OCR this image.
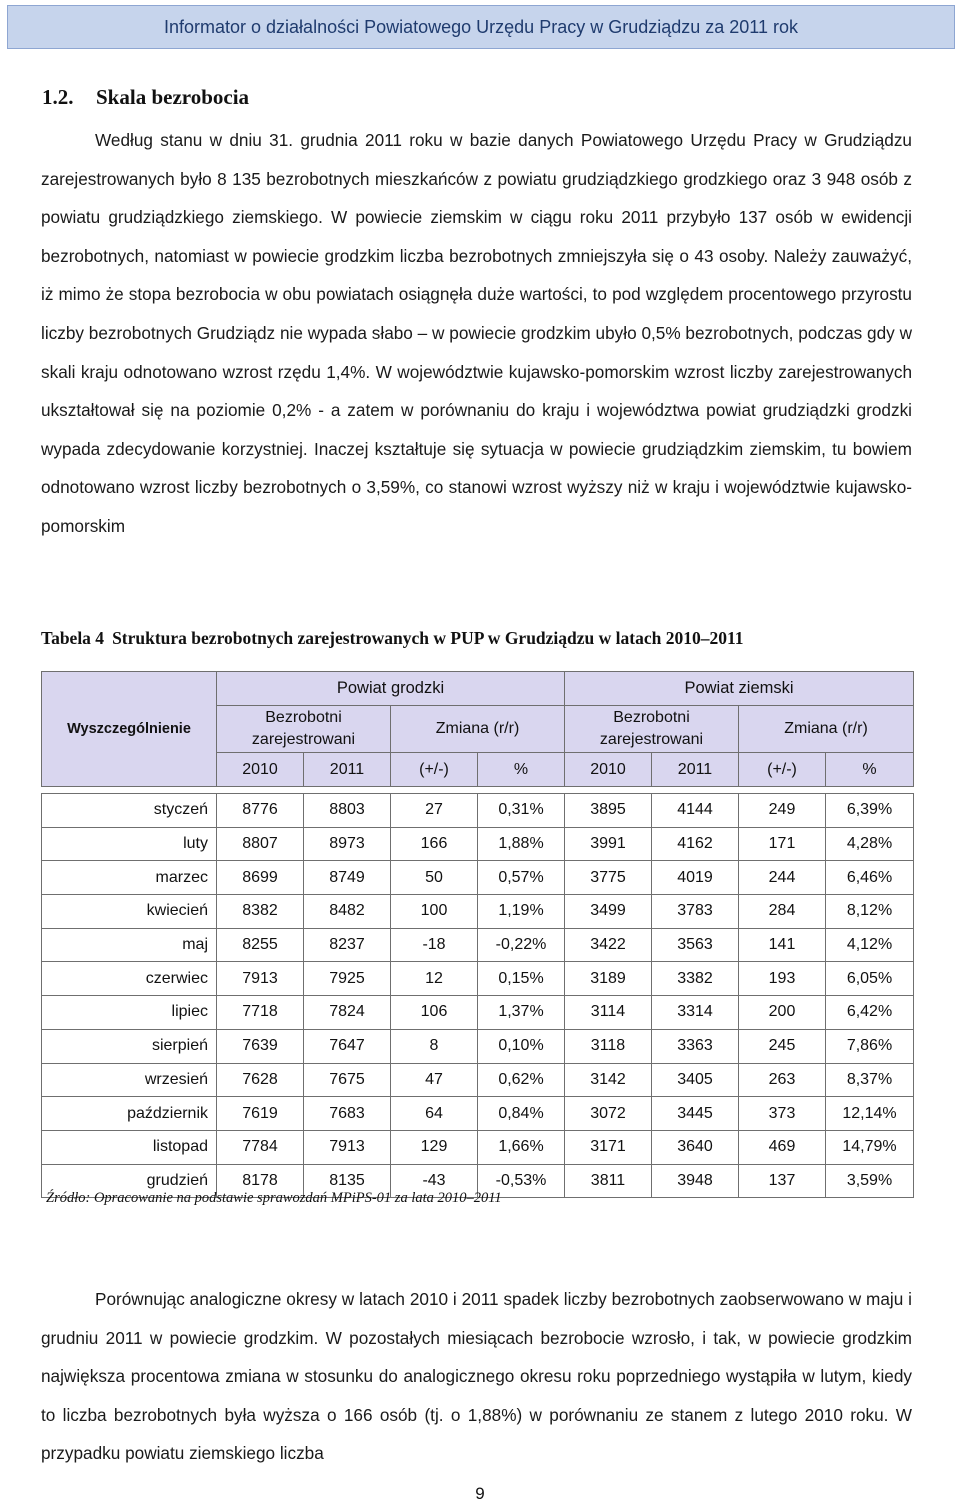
Informator o działalności Powiatowego Urzędu Pracy w Grudziądzu za 2011 rok
1.2. Skala bezrobocia

Według stanu w dniu 31. grudnia 2011 roku w bazie danych Powiatowego Urzędu Pracy w Grudziądzu zarejestrowanych było 8 135 bezrobotnych mieszkańców z powiatu grudziądzkiego grodzkiego oraz 3 948 osób z powiatu grudziądzkiego ziemskiego. W powiecie ziemskim w ciągu roku 2011 przybyło 137 osób w ewidencji bezrobotnych, natomiast w powiecie grodzkim liczba bezrobotnych zmniejszyła się o 43 osoby. Należy zauważyć, iż mimo że stopa bezrobocia w obu powiatach osiągnęła duże wartości, to pod względem procentowego przyrostu liczby bezrobotnych Grudziądz nie wypada słabo – w powiecie grodzkim ubyło 0,5% bezrobotnych, podczas gdy w skali kraju odnotowano wzrost rzędu 1,4%. W województwie kujawsko-pomorskim wzrost liczby zarejestrowanych ukształtował się na poziomie 0,2% - a zatem w porównaniu do kraju i województwa powiat grudziądzki grodzki wypada zdecydowanie korzystniej. Inaczej kształtuje się sytuacja w powiecie grudziądzkim ziemskim, tu bowiem odnotowano wzrost liczby bezrobotnych o 3,59%, co stanowi wzrost wyższy niż w kraju i województwie kujawsko-pomorskim

Tabela 4 Struktura bezrobotnych zarejestrowanych w PUP w Grudziądzu w latach 2010–2011
Wyszczególnienie	Powiat grodzki				Powiat ziemski			
	Bezrobotni zarejestrowani		Zmiana (r/r)		Bezrobotni zarejestrowani		Zmiana (r/r)	
	2010	2011	(+/-)	%	2010	2011	(+/-)	%

styczeń	8776	8803	27	0,31%	3895	4144	249	6,39%
luty	8807	8973	166	1,88%	3991	4162	171	4,28%
marzec	8699	8749	50	0,57%	3775	4019	244	6,46%
kwiecień	8382	8482	100	1,19%	3499	3783	284	8,12%
maj	8255	8237	-18	-0,22%	3422	3563	141	4,12%
czerwiec	7913	7925	12	0,15%	3189	3382	193	6,05%
lipiec	7718	7824	106	1,37%	3114	3314	200	6,42%
sierpień	7639	7647	8	0,10%	3118	3363	245	7,86%
wrzesień	7628	7675	47	0,62%	3142	3405	263	8,37%
październik	7619	7683	64	0,84%	3072	3445	373	12,14%
listopad	7784	7913	129	1,66%	3171	3640	469	14,79%
grudzień	8178	8135	-43	-0,53%	3811	3948	137	3,59%
Źródło: Opracowanie na podstawie sprawozdań MPiPS-01 za lata 2010–2011

Porównując analogiczne okresy w latach 2010 i 2011 spadek liczby bezrobotnych zaobserwowano w maju i grudniu 2011 w powiecie grodzkim. W pozostałych miesiącach bezrobocie wzrosło, i tak, w powiecie grodzkim największa procentowa zmiana w stosunku do analogicznego okresu roku poprzedniego wystąpiła w lutym, kiedy to liczba bezrobotnych była wyższa o 166 osób (tj. o 1,88%) w porównaniu ze stanem z lutego 2010 roku. W przypadku powiatu ziemskiego liczba

9
